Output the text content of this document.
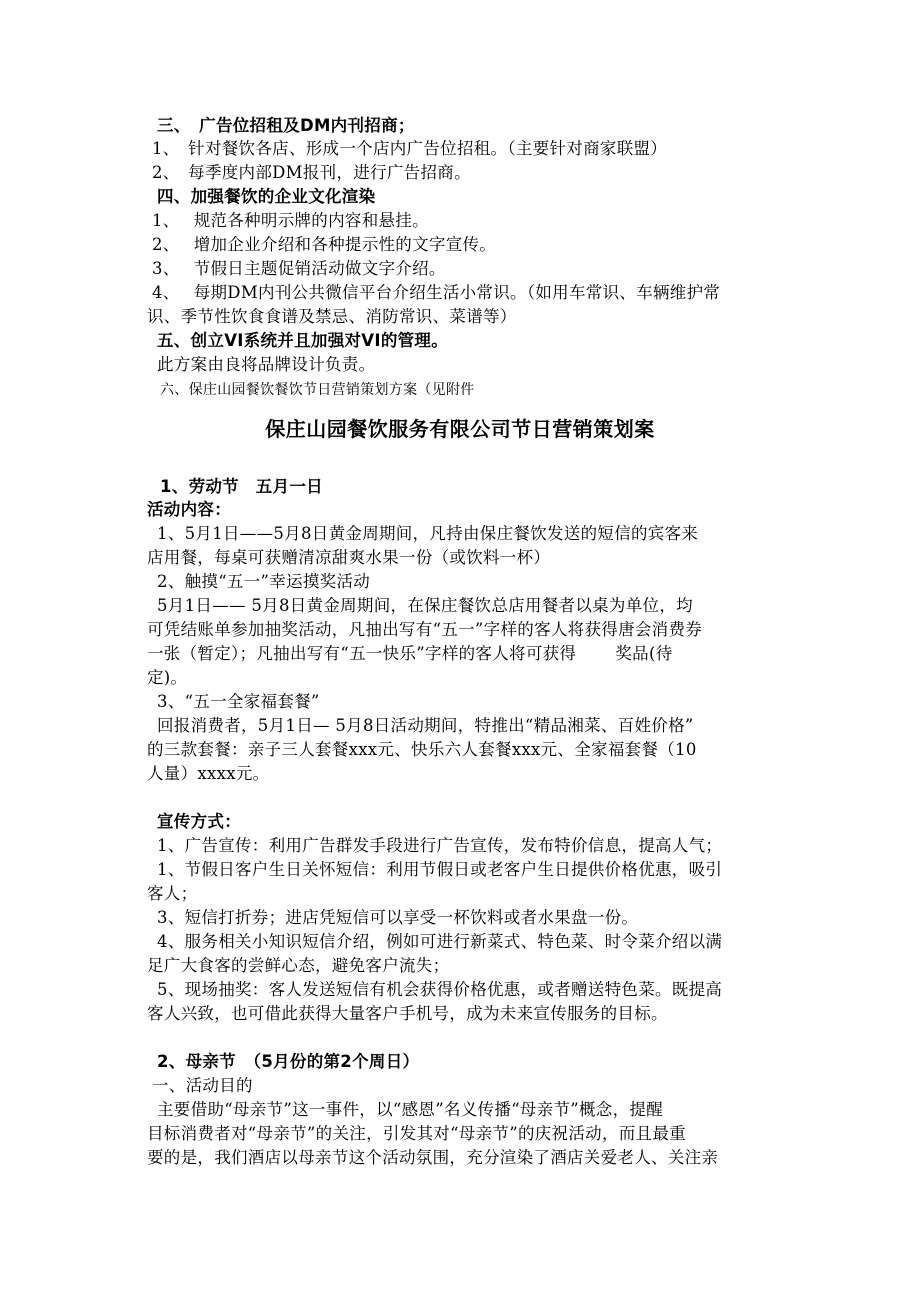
三、　广告位招租及DM内刊招商；
1、　针对餐饮各店、形成一个店内广告位招租。（主要针对商家联盟）
2、　每季度内部DM报刊，进行广告招商。
四、加强餐饮的企业文化渲染
1、　 规范各种明示牌的内容和悬挂。
2、　 增加企业介绍和各种提示性的文字宣传。
3、　 节假日主题促销活动做文字介绍。
4、　 每期DM内刊公共微信平台介绍生活小常识。（如用车常识、车辆维护常
识、季节性饮食食谱及禁忌、消防常识、菜谱等）
五、创立VI系统并且加强对VI的管理。
此方案由良将品牌设计负责。
六、保庄山园餐饮餐饮节日营销策划方案（见附件
保庄山园餐饮服务有限公司节日营销策划案
1、劳动节　五月一日
活动内容：
1、5月1日——5月8日黄金周期间，凡持由保庄餐饮发送的短信的宾客来
店用餐，每桌可获赠清凉甜爽水果一份（或饮料一杯）
2、触摸“五一”幸运摸奖活动
5月1日—— 5月8日黄金周期间，在保庄餐饮总店用餐者以桌为单位，均
可凭结账单参加抽奖活动，凡抽出写有“五一”字样的客人将获得唐会消费券
一张（暂定）；凡抽出写有“五一快乐”字样的客人将可获得　　 奖品(待
定)。
3、“五一全家福套餐”
回报消费者，5月1日— 5月8日活动期间，特推出“精品湘菜、百姓价格”
的三款套餐：亲子三人套餐xxx元、快乐六人套餐xxx元、全家福套餐（10
人量）xxxx元。
宣传方式：
1、广告宣传：利用广告群发手段进行广告宣传，发布特价信息，提高人气；
1、节假日客户生日关怀短信：利用节假日或老客户生日提供价格优惠，吸引
客人；
3、短信打折券；进店凭短信可以享受一杯饮料或者水果盘一份。
4、服务相关小知识短信介绍，例如可进行新菜式、特色菜、时令菜介绍以满
足广大食客的尝鲜心态，避免客户流失；
5、现场抽奖：客人发送短信有机会获得价格优惠，或者赠送特色菜。既提高
客人兴致，也可借此获得大量客户手机号，成为未来宣传服务的目标。
2、母亲节　（5月份的第2个周日）
一、活动目的
主要借助“母亲节”这一事件，以“感恩”名义传播“母亲节”概念，提醒
目标消费者对“母亲节”的关注，引发其对“母亲节”的庆祝活动，而且最重
要的是，我们酒店以母亲节这个活动氛围，充分渲染了酒店关爱老人、关注亲
